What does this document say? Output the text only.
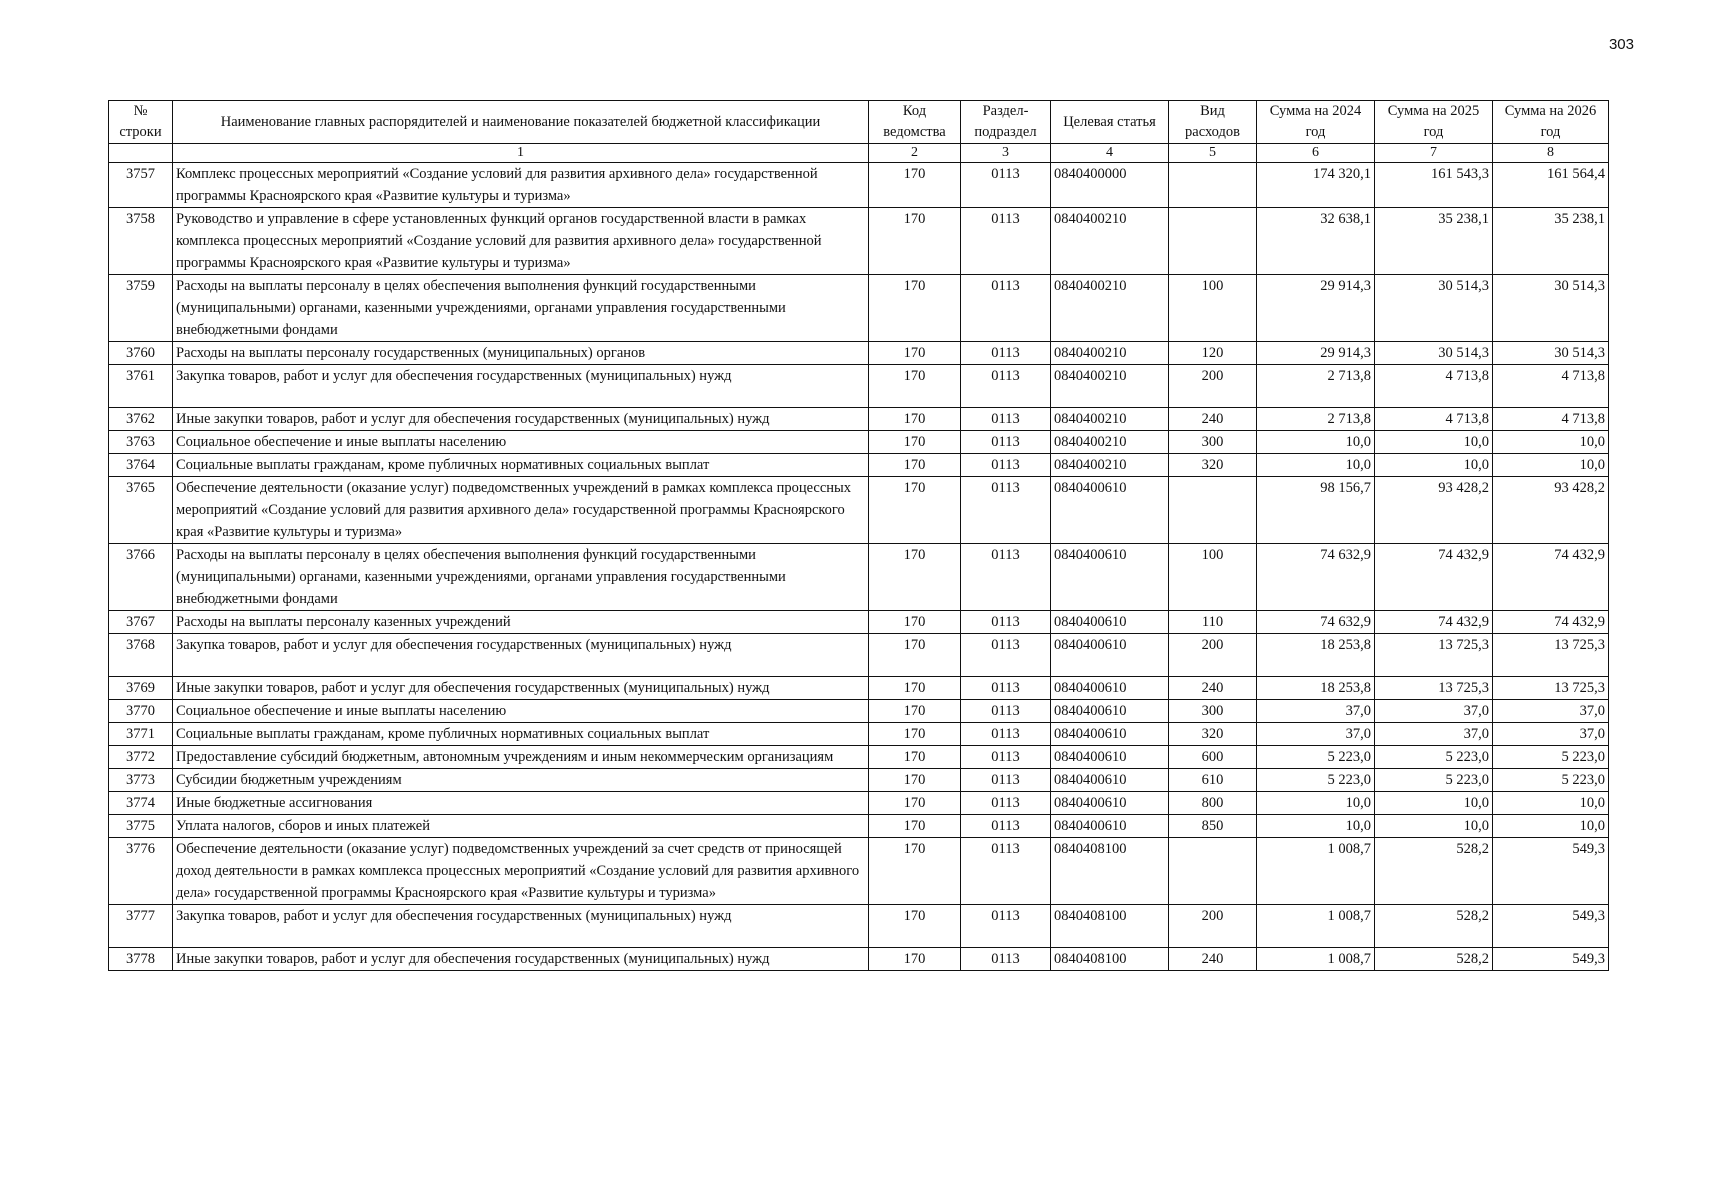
303
№ строки	Наименование главных распорядителей и наименование показателей бюджетной классификации	Код ведомства	Раздел-подраздел	Целевая статья	Вид расходов	Сумма на 2024 год	Сумма на 2025 год	Сумма на 2026 год
	1	2	3	4	5	6	7	8
3757	Комплекс процессных мероприятий «Создание условий для развития архивного дела» государственной программы Красноярского края «Развитие культуры и туризма»	170	0113	0840400000		174 320,1	161 543,3	161 564,4
3758	Руководство и управление в сфере установленных функций органов государственной власти в рамках комплекса процессных мероприятий «Создание условий для развития архивного дела» государственной программы Красноярского края «Развитие культуры и туризма»	170	0113	0840400210		32 638,1	35 238,1	35 238,1
3759	Расходы на выплаты персоналу в целях обеспечения выполнения функций государственными (муниципальными) органами, казенными учреждениями, органами управления государственными внебюджетными фондами	170	0113	0840400210	100	29 914,3	30 514,3	30 514,3
3760	Расходы на выплаты персоналу государственных (муниципальных) органов	170	0113	0840400210	120	29 914,3	30 514,3	30 514,3
3761	Закупка товаров, работ и услуг для обеспечения государственных (муниципальных) нужд	170	0113	0840400210	200	2 713,8	4 713,8	4 713,8
3762	Иные закупки товаров, работ и услуг для обеспечения государственных (муниципальных) нужд	170	0113	0840400210	240	2 713,8	4 713,8	4 713,8
3763	Социальное обеспечение и иные выплаты населению	170	0113	0840400210	300	10,0	10,0	10,0
3764	Социальные выплаты гражданам, кроме публичных нормативных социальных выплат	170	0113	0840400210	320	10,0	10,0	10,0
3765	Обеспечение деятельности (оказание услуг) подведомственных учреждений в рамках комплекса процессных мероприятий «Создание условий для развития архивного дела» государственной программы Красноярского края «Развитие культуры и туризма»	170	0113	0840400610		98 156,7	93 428,2	93 428,2
3766	Расходы на выплаты персоналу в целях обеспечения выполнения функций государственными (муниципальными) органами, казенными учреждениями, органами управления государственными внебюджетными фондами	170	0113	0840400610	100	74 632,9	74 432,9	74 432,9
3767	Расходы на выплаты персоналу казенных учреждений	170	0113	0840400610	110	74 632,9	74 432,9	74 432,9
3768	Закупка товаров, работ и услуг для обеспечения государственных (муниципальных) нужд	170	0113	0840400610	200	18 253,8	13 725,3	13 725,3
3769	Иные закупки товаров, работ и услуг для обеспечения государственных (муниципальных) нужд	170	0113	0840400610	240	18 253,8	13 725,3	13 725,3
3770	Социальное обеспечение и иные выплаты населению	170	0113	0840400610	300	37,0	37,0	37,0
3771	Социальные выплаты гражданам, кроме публичных нормативных социальных выплат	170	0113	0840400610	320	37,0	37,0	37,0
3772	Предоставление субсидий бюджетным, автономным учреждениям и иным некоммерческим организациям	170	0113	0840400610	600	5 223,0	5 223,0	5 223,0
3773	Субсидии бюджетным учреждениям	170	0113	0840400610	610	5 223,0	5 223,0	5 223,0
3774	Иные бюджетные ассигнования	170	0113	0840400610	800	10,0	10,0	10,0
3775	Уплата налогов, сборов и иных платежей	170	0113	0840400610	850	10,0	10,0	10,0
3776	Обеспечение деятельности (оказание услуг) подведомственных учреждений за счет средств от приносящей доход деятельности в рамках комплекса процессных мероприятий «Создание условий для развития архивного дела» государственной программы Красноярского края «Развитие культуры и туризма»	170	0113	0840408100		1 008,7	528,2	549,3
3777	Закупка товаров, работ и услуг для обеспечения государственных (муниципальных) нужд	170	0113	0840408100	200	1 008,7	528,2	549,3
3778	Иные закупки товаров, работ и услуг для обеспечения государственных (муниципальных) нужд	170	0113	0840408100	240	1 008,7	528,2	549,3
